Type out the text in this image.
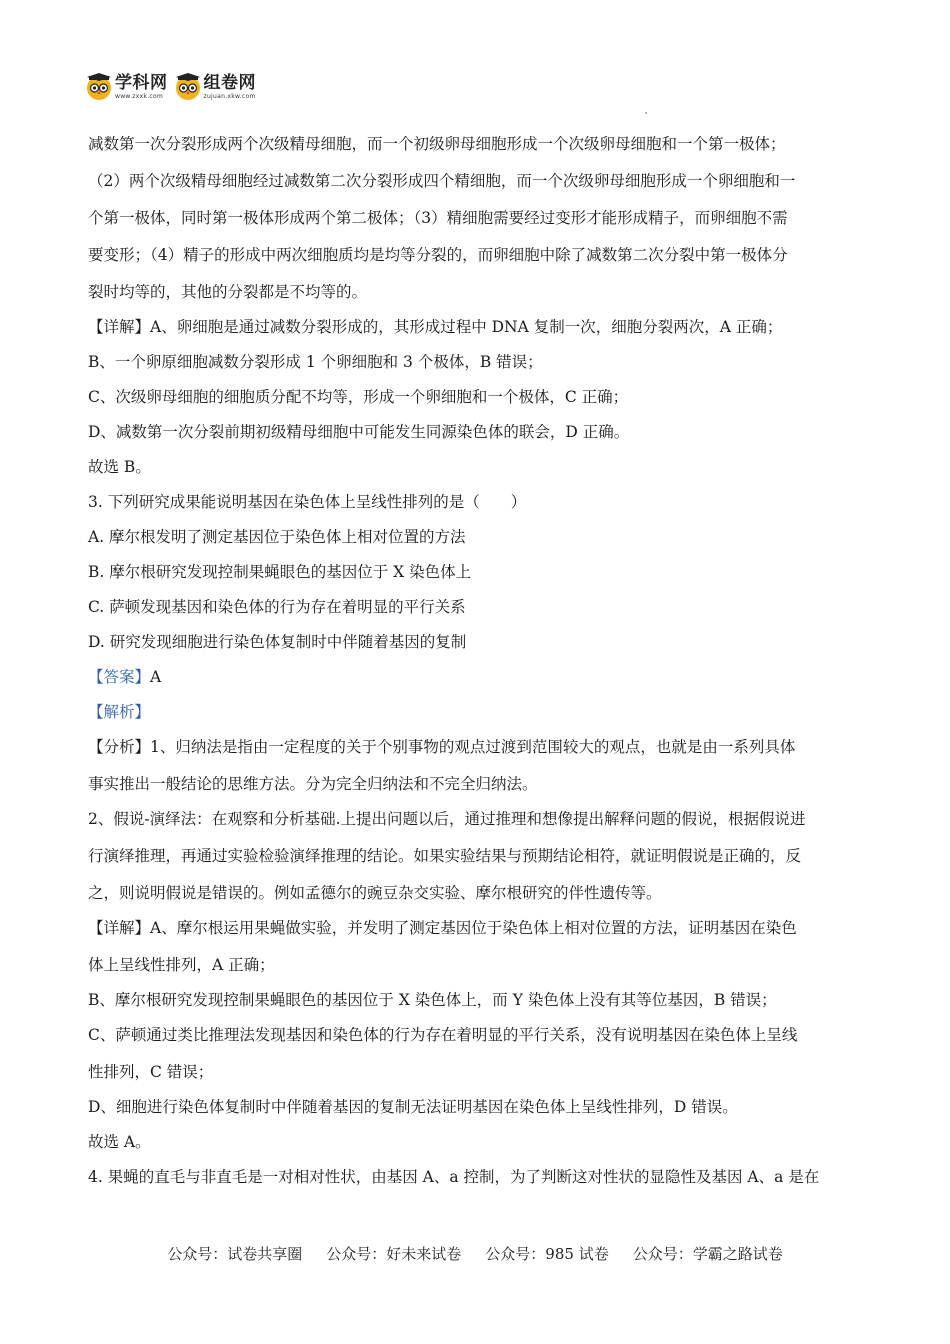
学科网
www.zxxk.com
组卷网
zujuan.xkw.com
减数第一次分裂形成两个次级精母细胞，而一个初级卵母细胞形成一个次级卵母细胞和一个第一极体；
（2）两个次级精母细胞经过减数第二次分裂形成四个精细胞，而一个次级卵母细胞形成一个卵细胞和一
个第一极体，同时第一极体形成两个第二极体；（3）精细胞需要经过变形才能形成精子，而卵细胞不需
要变形；（4）精子的形成中两次细胞质均是均等分裂的，而卵细胞中除了减数第二次分裂中第一极体分
裂时均等的，其他的分裂都是不均等的。
【详解】A、卵细胞是通过减数分裂形成的，其形成过程中 DNA 复制一次，细胞分裂两次，A 正确；
B、一个卵原细胞减数分裂形成 1 个卵细胞和 3 个极体，B 错误；
C、次级卵母细胞的细胞质分配不均等，形成一个卵细胞和一个极体，C 正确；
D、减数第一次分裂前期初级精母细胞中可能发生同源染色体的联会，D 正确。
故选 B。
3. 下列研究成果能说明基因在染色体上呈线性排列的是（　　）
A. 摩尔根发明了测定基因位于染色体上相对位置的方法
B. 摩尔根研究发现控制果蝇眼色的基因位于 X 染色体上
C. 萨顿发现基因和染色体的行为存在着明显的平行关系
D. 研究发现细胞进行染色体复制时中伴随着基因的复制
【答案】A
【解析】
【分析】1、归纳法是指由一定程度的关于个别事物的观点过渡到范围较大的观点，也就是由一系列具体
事实推出一般结论的思维方法。分为完全归纳法和不完全归纳法。
2、假说-演绎法：在观察和分析基础.上提出问题以后，通过推理和想像提出解释问题的假说，根据假说进
行演绎推理，再通过实验检验演绎推理的结论。如果实验结果与预期结论相符，就证明假说是正确的，反
之，则说明假说是错误的。例如孟德尔的豌豆杂交实验、摩尔根研究的伴性遗传等。
【详解】A、摩尔根运用果蝇做实验，并发明了测定基因位于染色体上相对位置的方法，证明基因在染色
体上呈线性排列，A 正确；
B、摩尔根研究发现控制果蝇眼色的基因位于 X 染色体上，而 Y 染色体上没有其等位基因，B 错误；
C、萨顿通过类比推理法发现基因和染色体的行为存在着明显的平行关系，没有说明基因在染色体上呈线
性排列，C 错误；
D、细胞进行染色体复制时中伴随着基因的复制无法证明基因在染色体上呈线性排列，D 错误。
故选 A。
4. 果蝇的直毛与非直毛是一对相对性状，由基因 A、a 控制，为了判断这对性状的显隐性及基因 A、a 是在
公众号：试卷共享圈 公众号：好未来试卷 公众号：985 试卷 公众号：学霸之路试卷
